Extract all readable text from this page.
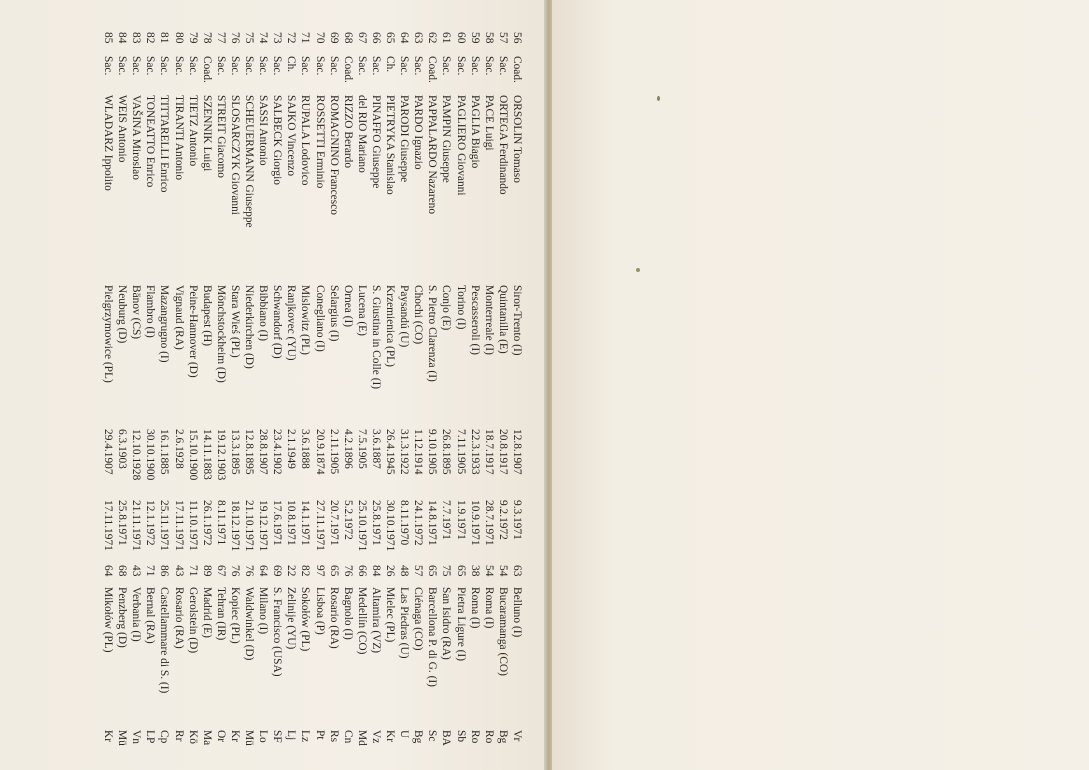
56
Coad.
ORSOLIN Tomaso
Siror-Trento (I)
12.8.1907
9.3.1971
63
Belluno (I)
Vr
57
Sac.
ORTEGA Ferdinando
Quintanilla (E)
20.8.1917
9.2.1972
54
Bucaramanga (CO)
Bg
58
Sac.
PACE Luigi
Monterreale (I)
18.7.1917
28.7.1971
54
Roma (I)
Ro
59
Sac.
PAGLIA Biagio
Pescasseroli (I)
22.3.1933
10.9.1971
38
Roma (I)
Ro
60
Sac.
PAGLIERO Giovanni
Torino (I)
7.11.1905
1.9.1971
65
Pietra Ligure (I)
Sb
61
Sac.
PAMPIN Giuseppe
Conjo (E)
26.8.1895
7.7.1971
75
San Isidro (RA)
BA
62
Coad.
PAPPALARDO Nazareno
S. Pietro Clarenza (I)
9.10.1905
14.8.1971
65
Barcellona P. di G. (I)
Sc
63
Sac.
PARDO Ignazio
Chochi (CO)
1.12.1914
24.1.1972
57
Ciénaga (CO)
Bg
64
Sac.
PARODI Giuseppe
Paysandú (U)
31.3.1922
8.11.1970
48
Las Piedras (U)
U
65
Ch.
PIETRYKA Stanislao
Krzemienica (PL)
26.4.1945
30.10.1971
26
Mielec (PL)
Kr
66
Sac.
PINAFFO Giuseppe
S. Giustina in Colle (I)
3.6.1887
25.8.1971
84
Altamira (VZ)
Vz
67
Sac.
del RIO Mariano
Lucena (E)
7.5.1905
25.10.1971
66
Medellín (CO)
Md
68
Coad.
RIZZO Berardo
Ornea (I)
4.2.1896
5.2.1972
76
Bagnolo (I)
Cn
69
Sac.
ROMAGNINO Francesco
Selargius (I)
2.11.1905
20.7.1971
65
Rosario (RA)
Rs
70
Sac.
ROSSETTI Erminio
Conegliano (I)
20.9.1874
27.11.1971
97
Lisboa (P)
Pt
71
Sac.
RUPALA Lodovico
Mislowitz (PL)
3.6.1888
14.1.1971
82
Sokołów (PL)
Lz
72
Ch.
SAJKO Vincenzo
Ranjkovec (YU)
2.1.1949
10.8.1971
22
Zelinije (YU)
Lj
73
Sac.
SALBECK Giorgio
Schwandorf (D)
23.4.1902
17.6.1971
69
S. Francisco (USA)
SF
74
Sac.
SASSI Antonio
Bibbiano (I)
28.8.1907
19.12.1971
64
Milano (I)
Lo
75
Sac.
SCHEUERMANN Giuseppe
Niederkirchen (D)
12.8.1895
21.10.1971
76
Waldwinkel (D)
Mü
76
Sac.
SLOSARCZYK Giovanni
Stara Wieś (PL)
13.3.1895
18.12.1971
76
Kopiec (PL)
Kr
77
Sac.
STREIT Giacomo
Mönchstockheim (D)
19.12.1903
8.11.1971
67
Tehran (IR)
Or
78
Coad.
SZENNIK Luigi
Budapest (H)
14.11.1883
26.1.1972
89
Madrid (E)
Ma
79
Sac.
TIETZ Antonio
Peine-Hannover (D)
15.10.1900
11.10.1971
71
Gerolstein (D)
Kö
80
Sac.
TIRANTI Antonio
Vignaud (RA)
2.6.1928
17.11.1971
43
Rosario (RA)
Rr
81
Sac.
TITTARELLI Enrico
Mazangrugno (I)
16.1.1885
25.11.1971
86
Castellammare di S. (I)
Cp
82
Sac.
TONEATTO Enrico
Flambro (I)
30.10.1900
12.1.1972
71
Bernal (RA)
LP
83
Sac.
VAŠINA Miroslao
Bänov (CS)
12.10.1928
21.11.1971
43
Verbania (I)
Vn
84
Sac.
WEIS Antonio
Neuburg (D)
6.3.1903
25.8.1971
68
Penzberg (D)
Mü
85
Sac.
WLADARZ Ippolito
Pielgrzymowice (PL)
29.4.1907
17.11.1971
64
Mikołów (PL)
Kr
